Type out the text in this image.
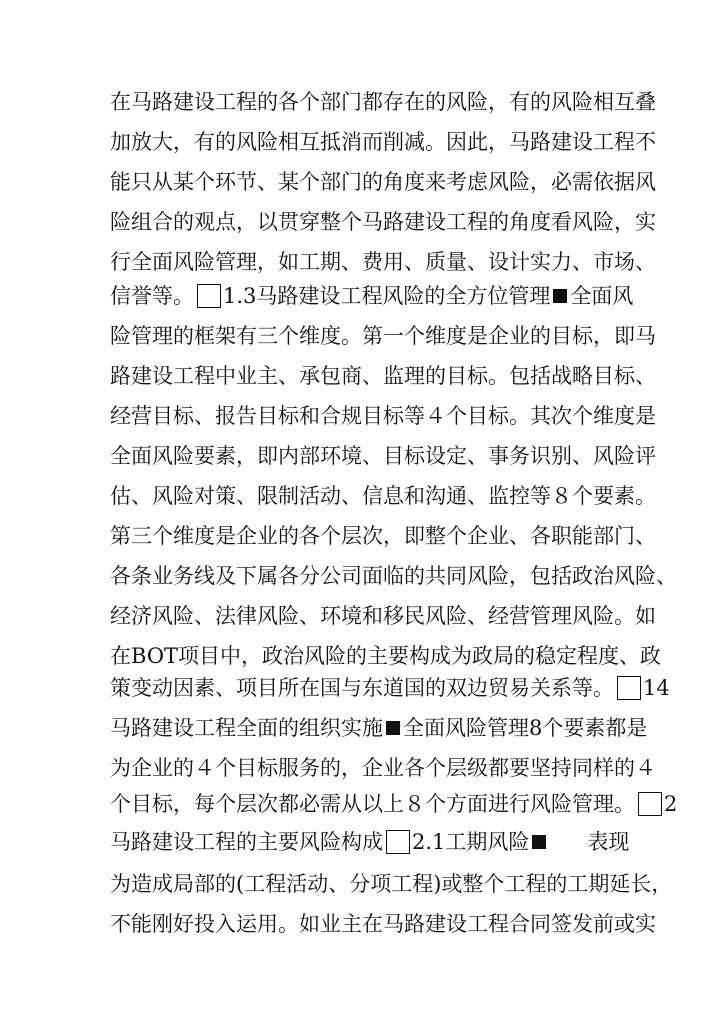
在马路建设工程的各个部门都存在的风险，有的风险相互叠
加放大，有的风险相互抵消而削减。因此，马路建设工程不
能只从某个环节、某个部门的角度来考虑风险，必需依据风
险组合的观点，以贯穿整个马路建设工程的角度看风险，实
行全面风险管理，如工期、费用、质量、设计实力、市场、
信誉等。 1.3马路建设工程风险的全方位管理 全面风
险管理的框架有三个维度。第一个维度是企业的目标，即马
路建设工程中业主、承包商、监理的目标。包括战略目标、
经营目标、报告目标和合规目标等４个目标。其次个维度是
全面风险要素，即内部环境、目标设定、事务识别、风险评
估、风险对策、限制活动、信息和沟通、监控等８个要素。
第三个维度是企业的各个层次，即整个企业、各职能部门、
各条业务线及下属各分公司面临的共同风险，包括政治风险、
经济风险、法律风险、环境和移民风险、经营管理风险。如
在BOT项目中，政治风险的主要构成为政局的稳定程度、政
策变动因素、项目所在国与东道国的双边贸易关系等。 14
马路建设工程全面的组织实施 全面风险管理8个要素都是
为企业的４个目标服务的，企业各个层级都要坚持同样的４
个目标，每个层次都必需从以上８个方面进行风险管理。 2
马路建设工程的主要风险构成 2.1工期风险	表现
为造成局部的(工程活动、分项工程)或整个工程的工期延长，
不能刚好投入运用。如业主在马路建设工程合同签发前或实
